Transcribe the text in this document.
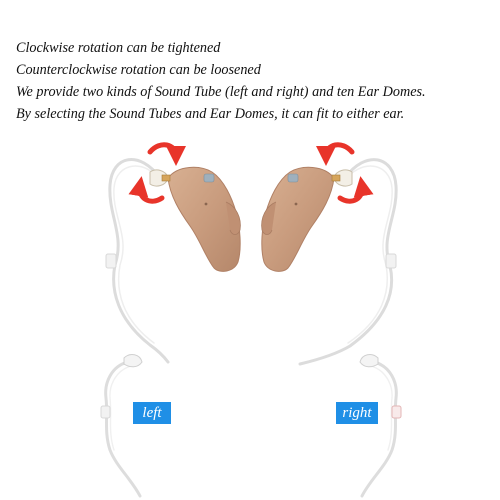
Clockwise rotation can be tightened
Counterclockwise rotation can be loosened
We provide two kinds of Sound Tube (left and right) and ten Ear Domes.
By selecting the Sound Tubes and Ear Domes, it can fit to either ear.
left	right
